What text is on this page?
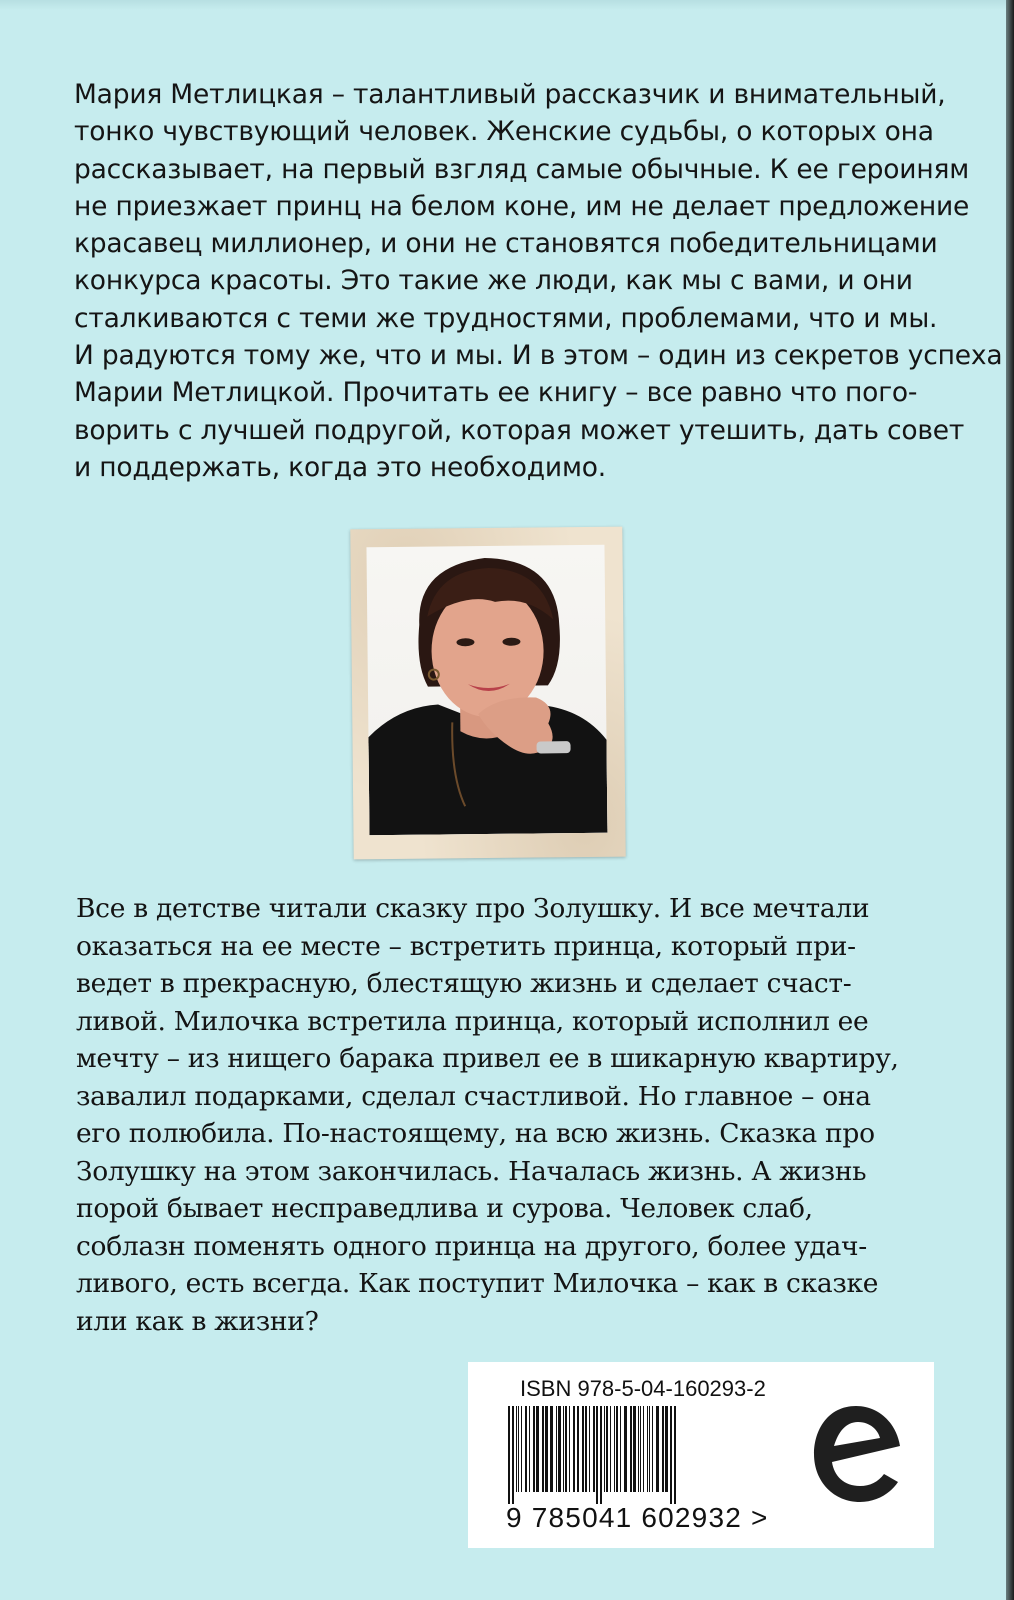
Мария Метлицкая – талантливый рассказчик и внимательный,
тонко чувствующий человек. Женские судьбы, о которых она
рассказывает, на первый взгляд самые обычные. К ее героиням
не приезжает принц на белом коне, им не делает предложение
красавец миллионер, и они не становятся победительницами
конкурса красоты. Это такие же люди, как мы с вами, и они
сталкиваются с теми же трудностями, проблемами, что и мы.
И радуются тому же, что и мы. И в этом – один из секретов успеха
Марии Метлицкой. Прочитать ее книгу – все равно что пого-
ворить с лучшей подругой, которая может утешить, дать совет
и поддержать, когда это необходимо.

Все в детстве читали сказку про Золушку. И все мечтали
оказаться на ее месте – встретить принца, который при-
ведет в прекрасную, блестящую жизнь и сделает счаст-
ливой. Милочка встретила принца, который исполнил ее
мечту – из нищего барака привел ее в шикарную квартиру,
завалил подарками, сделал счастливой. Но главное – она
его полюбила. По-настоящему, на всю жизнь. Сказка про
Золушку на этом закончилась. Началась жизнь. А жизнь
порой бывает несправедлива и сурова. Человек слаб,
соблазн поменять одного принца на другого, более удач-
ливого, есть всегда. Как поступит Милочка – как в сказке
или как в жизни?

ISBN 978-5-04-160293-2
9 785041 602932 >
